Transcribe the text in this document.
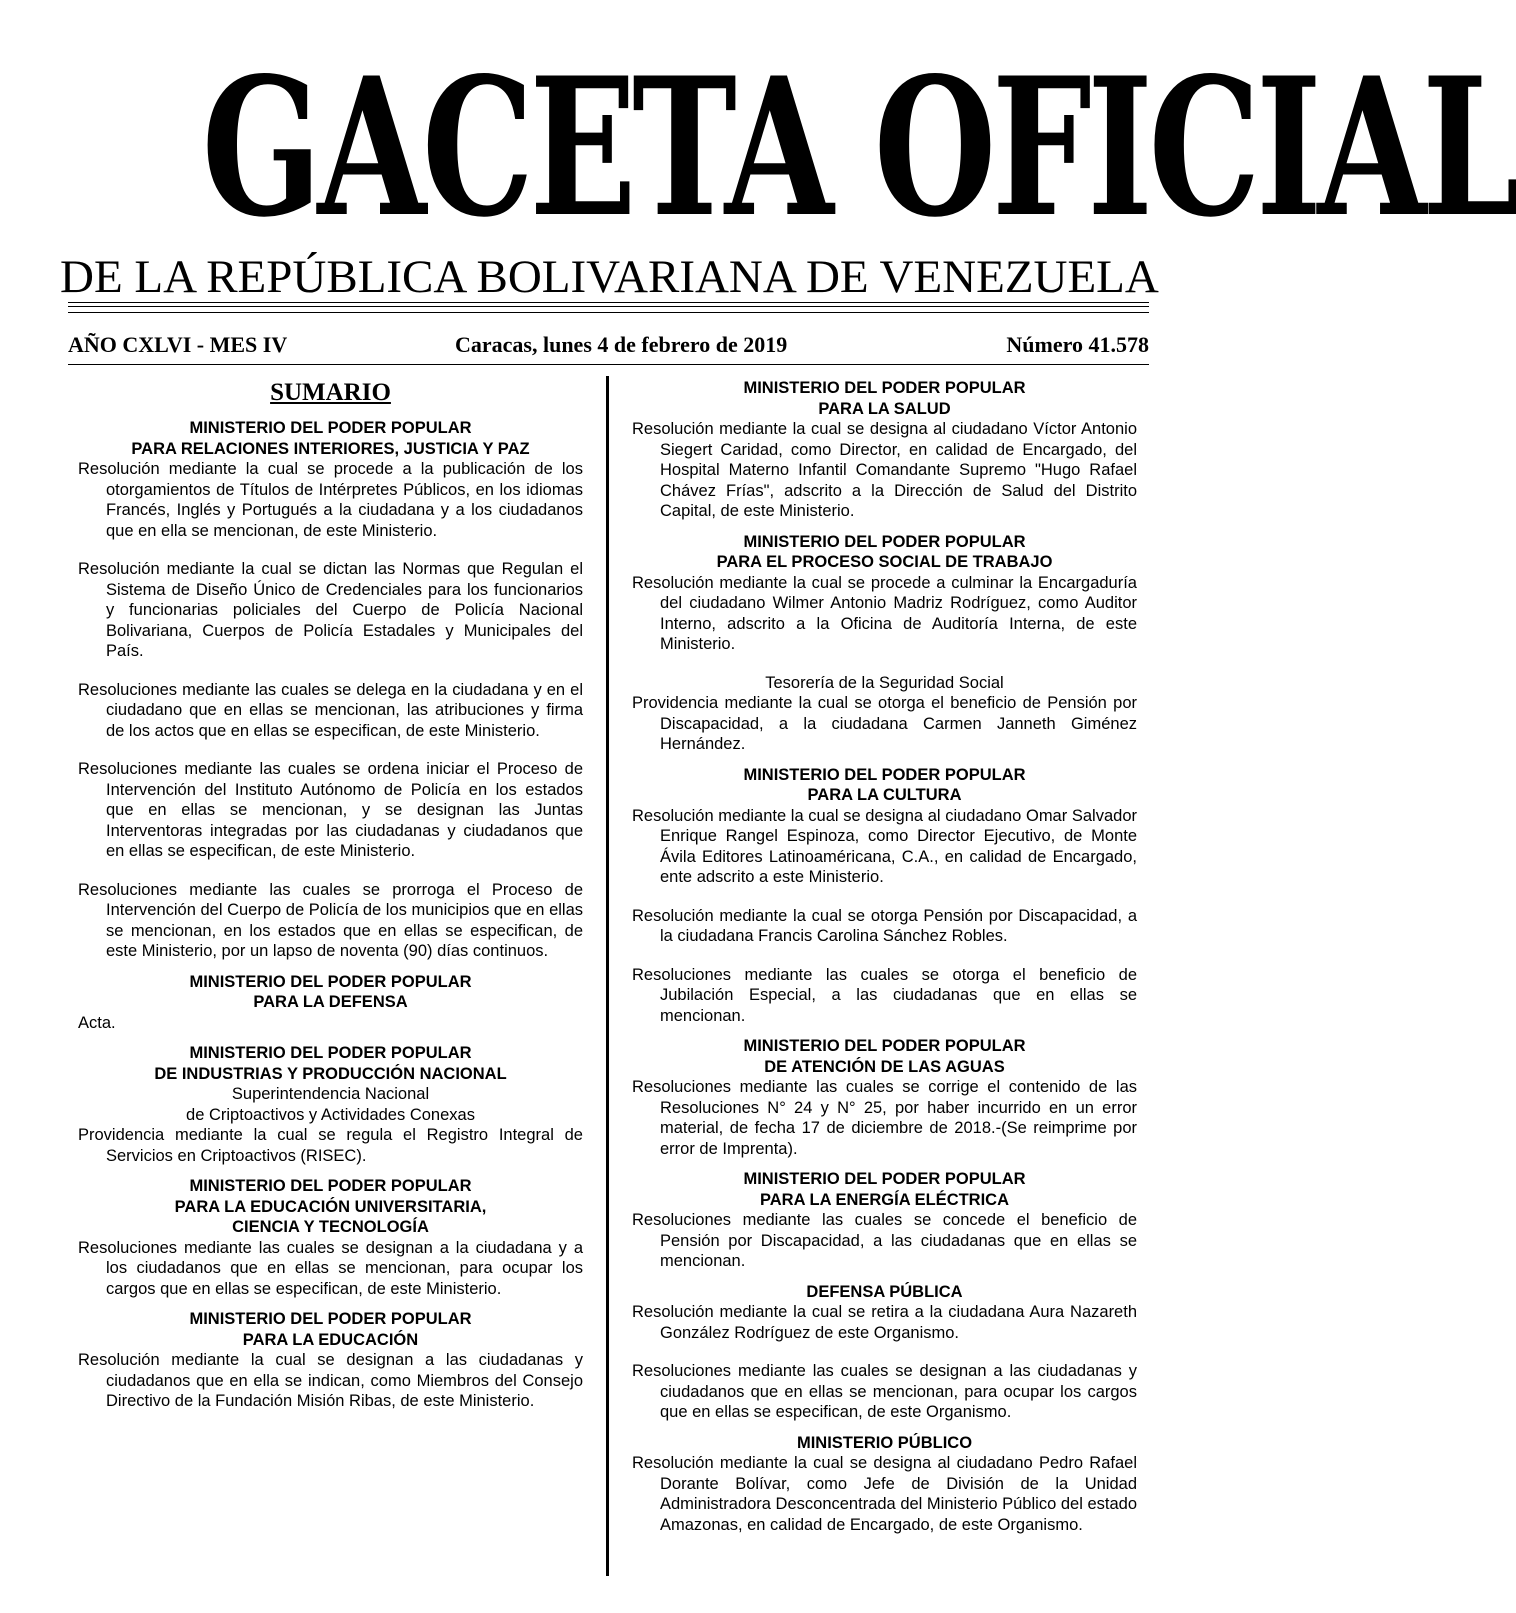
GACETA OFICIAL
DE LA REPÚBLICA BOLIVARIANA DE VENEZUELA
AÑO CXLVI - MES IV	Caracas, lunes 4 de febrero de 2019	Número 41.578
SUMARIO
MINISTERIO DEL PODER POPULAR
PARA RELACIONES INTERIORES, JUSTICIA Y PAZ
Resolución mediante la cual se procede a la publicación de los otorgamientos de Títulos de Intérpretes Públicos, en los idiomas Francés, Inglés y Portugués a la ciudadana y a los ciudadanos que en ella se mencionan, de este Ministerio.
Resolución mediante la cual se dictan las Normas que Regulan el Sistema de Diseño Único de Credenciales para los funcionarios y funcionarias policiales del Cuerpo de Policía Nacional Bolivariana, Cuerpos de Policía Estadales y Municipales del País.
Resoluciones mediante las cuales se delega en la ciudadana y en el ciudadano que en ellas se mencionan, las atribuciones y firma de los actos que en ellas se especifican, de este Ministerio.
Resoluciones mediante las cuales se ordena iniciar el Proceso de Intervención del Instituto Autónomo de Policía en los estados que en ellas se mencionan, y se designan las Juntas Interventoras integradas por las ciudadanas y ciudadanos que en ellas se especifican, de este Ministerio.
Resoluciones mediante las cuales se prorroga el Proceso de Intervención del Cuerpo de Policía de los municipios que en ellas se mencionan, en los estados que en ellas se especifican, de este Ministerio, por un lapso de noventa (90) días continuos.
MINISTERIO DEL PODER POPULAR
PARA LA DEFENSA
Acta.
MINISTERIO DEL PODER POPULAR
DE INDUSTRIAS Y PRODUCCIÓN NACIONAL
Superintendencia Nacional
de Criptoactivos y Actividades Conexas
Providencia mediante la cual se regula el Registro Integral de Servicios en Criptoactivos (RISEC).
MINISTERIO DEL PODER POPULAR
PARA LA EDUCACIÓN UNIVERSITARIA,
CIENCIA Y TECNOLOGÍA
Resoluciones mediante las cuales se designan a la ciudadana y a los ciudadanos que en ellas se mencionan, para ocupar los cargos que en ellas se especifican, de este Ministerio.
MINISTERIO DEL PODER POPULAR
PARA LA EDUCACIÓN
Resolución mediante la cual se designan a las ciudadanas y ciudadanos que en ella se indican, como Miembros del Consejo Directivo de la Fundación Misión Ribas, de este Ministerio.
MINISTERIO DEL PODER POPULAR
PARA LA SALUD
Resolución mediante la cual se designa al ciudadano Víctor Antonio Siegert Caridad, como Director, en calidad de Encargado, del Hospital Materno Infantil Comandante Supremo "Hugo Rafael Chávez Frías", adscrito a la Dirección de Salud del Distrito Capital, de este Ministerio.
MINISTERIO DEL PODER POPULAR
PARA EL PROCESO SOCIAL DE TRABAJO
Resolución mediante la cual se procede a culminar la Encargaduría del ciudadano Wilmer Antonio Madriz Rodríguez, como Auditor Interno, adscrito a la Oficina de Auditoría Interna, de este Ministerio.
Tesorería de la Seguridad Social
Providencia mediante la cual se otorga el beneficio de Pensión por Discapacidad, a la ciudadana Carmen Janneth Giménez Hernández.
MINISTERIO DEL PODER POPULAR
PARA LA CULTURA
Resolución mediante la cual se designa al ciudadano Omar Salvador Enrique Rangel Espinoza, como Director Ejecutivo, de Monte Ávila Editores Latinoaméricana, C.A., en calidad de Encargado, ente adscrito a este Ministerio.
Resolución mediante la cual se otorga Pensión por Discapacidad, a la ciudadana Francis Carolina Sánchez Robles.
Resoluciones mediante las cuales se otorga el beneficio de Jubilación Especial, a las ciudadanas que en ellas se mencionan.
MINISTERIO DEL PODER POPULAR
DE ATENCIÓN DE LAS AGUAS
Resoluciones mediante las cuales se corrige el contenido de las Resoluciones N° 24 y N° 25, por haber incurrido en un error material, de fecha 17 de diciembre de 2018.-(Se reimprime por error de Imprenta).
MINISTERIO DEL PODER POPULAR
PARA LA ENERGÍA ELÉCTRICA
Resoluciones mediante las cuales se concede el beneficio de Pensión por Discapacidad, a las ciudadanas que en ellas se mencionan.
DEFENSA PÚBLICA
Resolución mediante la cual se retira a la ciudadana Aura Nazareth González Rodríguez de este Organismo.
Resoluciones mediante las cuales se designan a las ciudadanas y ciudadanos que en ellas se mencionan, para ocupar los cargos que en ellas se especifican, de este Organismo.
MINISTERIO PÚBLICO
Resolución mediante la cual se designa al ciudadano Pedro Rafael Dorante Bolívar, como Jefe de División de la Unidad Administradora Desconcentrada del Ministerio Público del estado Amazonas, en calidad de Encargado, de este Organismo.
